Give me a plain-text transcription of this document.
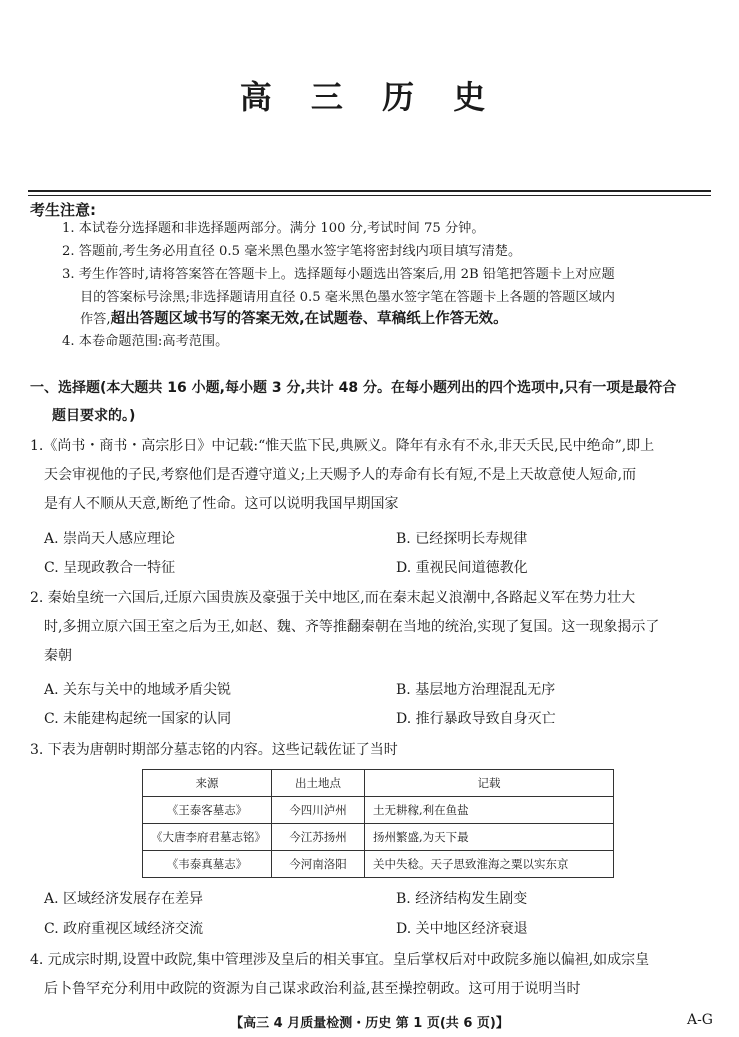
高 三 历 史
考生注意:
1. 本试卷分选择题和非选择题两部分。满分 100 分,考试时间 75 分钟。
2. 答题前,考生务必用直径 0.5 毫米黑色墨水签字笔将密封线内项目填写清楚。
3. 考生作答时,请将答案答在答题卡上。选择题每小题选出答案后,用 2B 铅笔把答题卡上对应题
目的答案标号涂黑;非选择题请用直径 0.5 毫米黑色墨水签字笔在答题卡上各题的答题区域内
作答,超出答题区域书写的答案无效,在试题卷、草稿纸上作答无效。
4. 本卷命题范围:高考范围。
一、选择题(本大题共 16 小题,每小题 3 分,共计 48 分。在每小题列出的四个选项中,只有一项是最符合
题目要求的。)
1.《尚书・商书・高宗肜日》中记载:“惟天监下民,典厥义。降年有永有不永,非天夭民,民中绝命”,即上
天会审视他的子民,考察他们是否遵守道义;上天赐予人的寿命有长有短,不是上天故意使人短命,而
是有人不顺从天意,断绝了性命。这可以说明我国早期国家
A. 崇尚天人感应理论	B. 已经探明长寿规律
C. 呈现政教合一特征	D. 重视民间道德教化
2. 秦始皇统一六国后,迁原六国贵族及豪强于关中地区,而在秦末起义浪潮中,各路起义军在势力壮大
时,多拥立原六国王室之后为王,如赵、魏、齐等推翻秦朝在当地的统治,实现了复国。这一现象揭示了
秦朝
A. 关东与关中的地域矛盾尖锐	B. 基层地方治理混乱无序
C. 未能建构起统一国家的认同	D. 推行暴政导致自身灭亡
3. 下表为唐朝时期部分墓志铭的内容。这些记载佐证了当时
来源	出土地点	记载
《王泰客墓志》	今四川泸州	土无耕稼,利在鱼盐
《大唐李府君墓志铭》	今江苏扬州	扬州繁盛,为天下最
《韦泰真墓志》	今河南洛阳	关中失稔。天子思致淮海之粟以实东京
A. 区域经济发展存在差异	B. 经济结构发生剧变
C. 政府重视区域经济交流	D. 关中地区经济衰退
4. 元成宗时期,设置中政院,集中管理涉及皇后的相关事宜。皇后掌权后对中政院多施以偏袒,如成宗皇
后卜鲁罕充分利用中政院的资源为自己谋求政治利益,甚至操控朝政。这可用于说明当时
【高三 4 月质量检测・历史 第 1 页(共 6 页)】	A-G
